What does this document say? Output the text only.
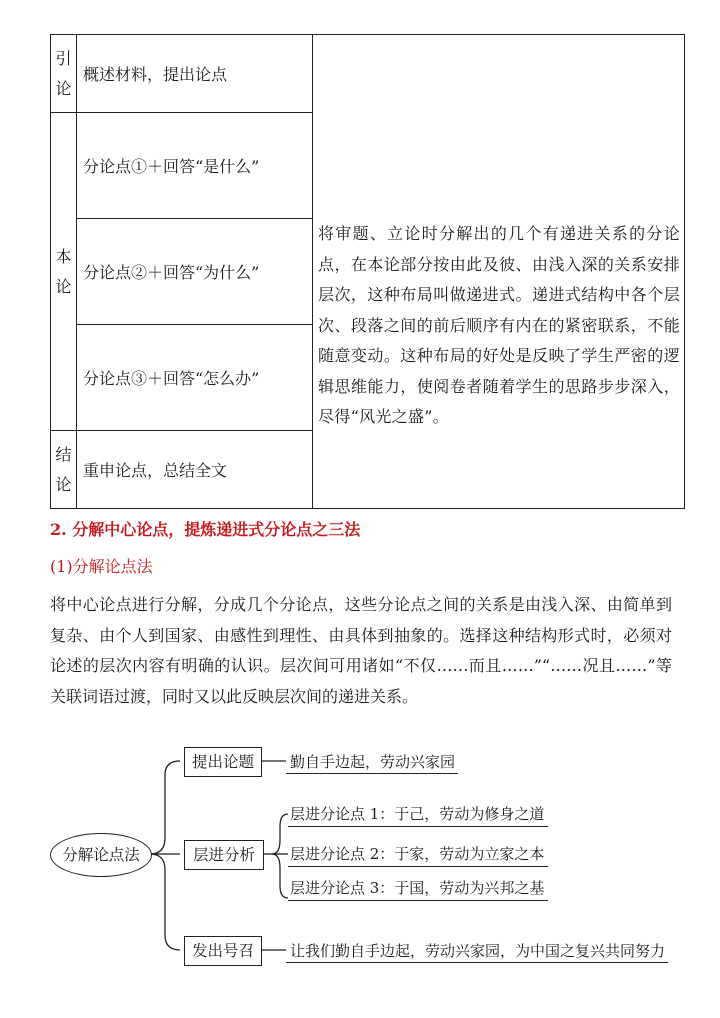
引
论	概述材料，提出论点	将审题、立论时分解出的几个有递进关系的分论点，在本论部分按由此及彼、由浅入深的关系安排层次，这种布局叫做递进式。递进式结构中各个层次、段落之间的前后顺序有内在的紧密联系，不能随意变动。这种布局的好处是反映了学生严密的逻辑思维能力，使阅卷者随着学生的思路步步深入，尽得“风光之盛”。

本
论	分论点①＋回答“是什么”	
	分论点②＋回答“为什么”	
	分论点③＋回答“怎么办”	

结
论	重申论点，总结全文	
2. 分解中心论点，提炼递进式分论点之三法
(1)分解论点法

将中心论点进行分解，分成几个分论点，这些分论点之间的关系是由浅入深、由简单到复杂、由个人到国家、由感性到理性、由具体到抽象的。选择这种结构形式时，必须对论述的层次内容有明确的认识。层次间可用诸如“不仅……而且……”“……况且……”等关联词语过渡，同时又以此反映层次间的递进关系。

分解论点法
提出论题
层进分析
发出号召
勤自手边起，劳动兴家园
层进分论点 1：于己，劳动为修身之道
层进分论点 2：于家，劳动为立家之本
层进分论点 3：于国，劳动为兴邦之基
让我们勤自手边起，劳动兴家园，为中国之复兴共同努力
